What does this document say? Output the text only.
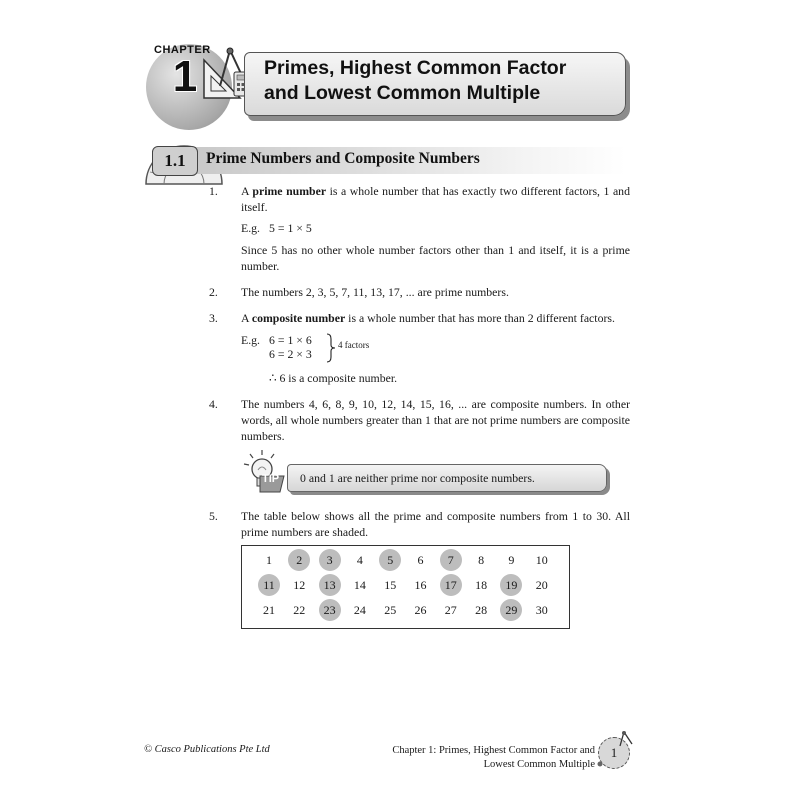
CHAPTER
1	Primes, Highest Common Factor
and Lowest Common Multiple
1.1	Prime Numbers and Composite Numbers
1. A prime number is a whole number that has exactly two different factors, 1 and itself.
E.g. 5 = 1 × 5
Since 5 has no other whole number factors other than 1 and itself, it is a prime number.
2. The numbers 2, 3, 5, 7, 11, 13, 17, ... are prime numbers.
3. A composite number is a whole number that has more than 2 different factors.
E.g. 6 = 1 × 6
6 = 2 × 3
4 factors
∴ 6 is a composite number.
4. The numbers 4, 6, 8, 9, 10, 12, 14, 15, 16, ... are composite numbers. In other words, all whole numbers greater than 1 that are not prime numbers are composite numbers.
TIP 0 and 1 are neither prime nor composite numbers.
5. The table below shows all the prime and composite numbers from 1 to 30. All prime numbers are shaded.
1	2	3	4	5	6	7	8	9	10
11	12	13	14	15	16	17	18	19	20
21	22	23	24	25	26	27	28	29	30
© Casco Publications Pte Ltd	Chapter 1: Primes, Highest Common Factor and
Lowest Common Multiple
1
